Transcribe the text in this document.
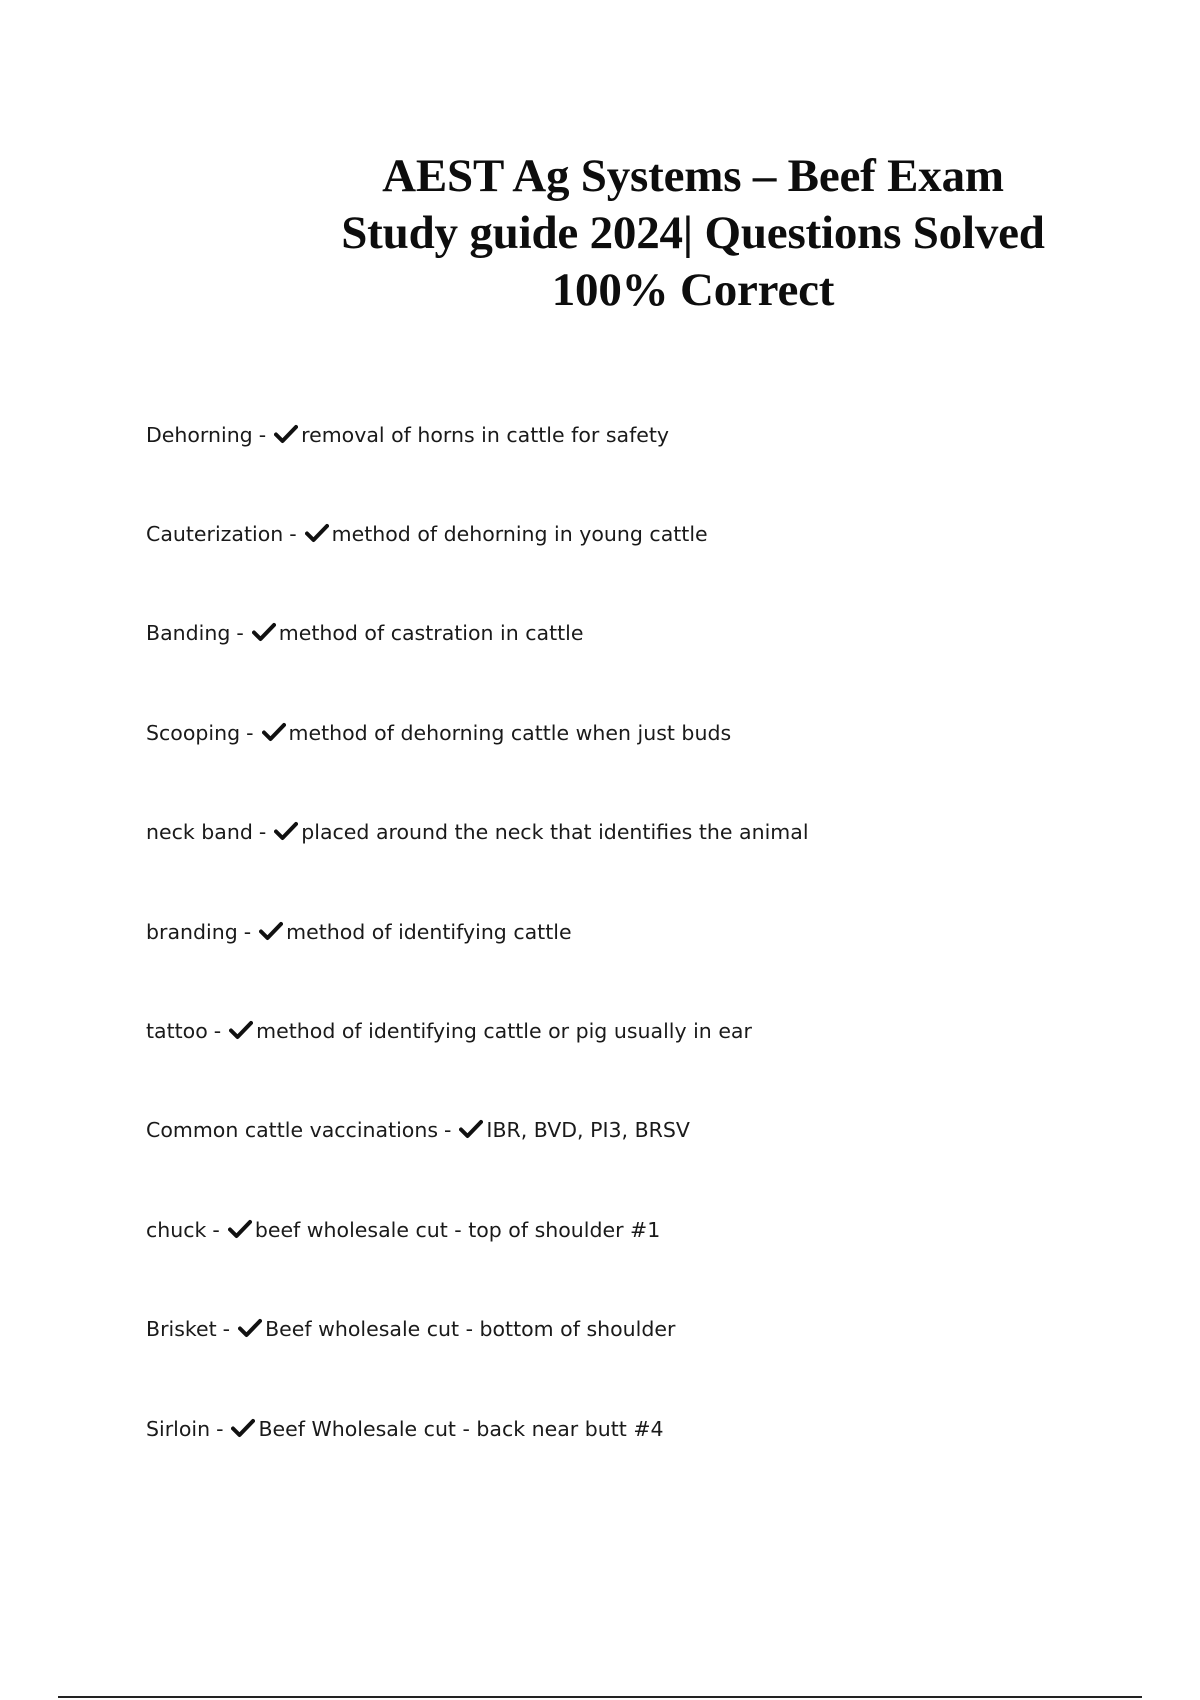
AEST Ag Systems – Beef Exam
Study guide 2024| Questions Solved
100% Correct
Dehorning - removal of horns in cattle for safety
Cauterization - method of dehorning in young cattle
Banding - method of castration in cattle
Scooping - method of dehorning cattle when just buds
neck band - placed around the neck that identifies the animal
branding - method of identifying cattle
tattoo - method of identifying cattle or pig usually in ear
Common cattle vaccinations - IBR, BVD, PI3, BRSV
chuck - beef wholesale cut - top of shoulder #1
Brisket - Beef wholesale cut - bottom of shoulder
Sirloin - Beef Wholesale cut - back near butt #4
